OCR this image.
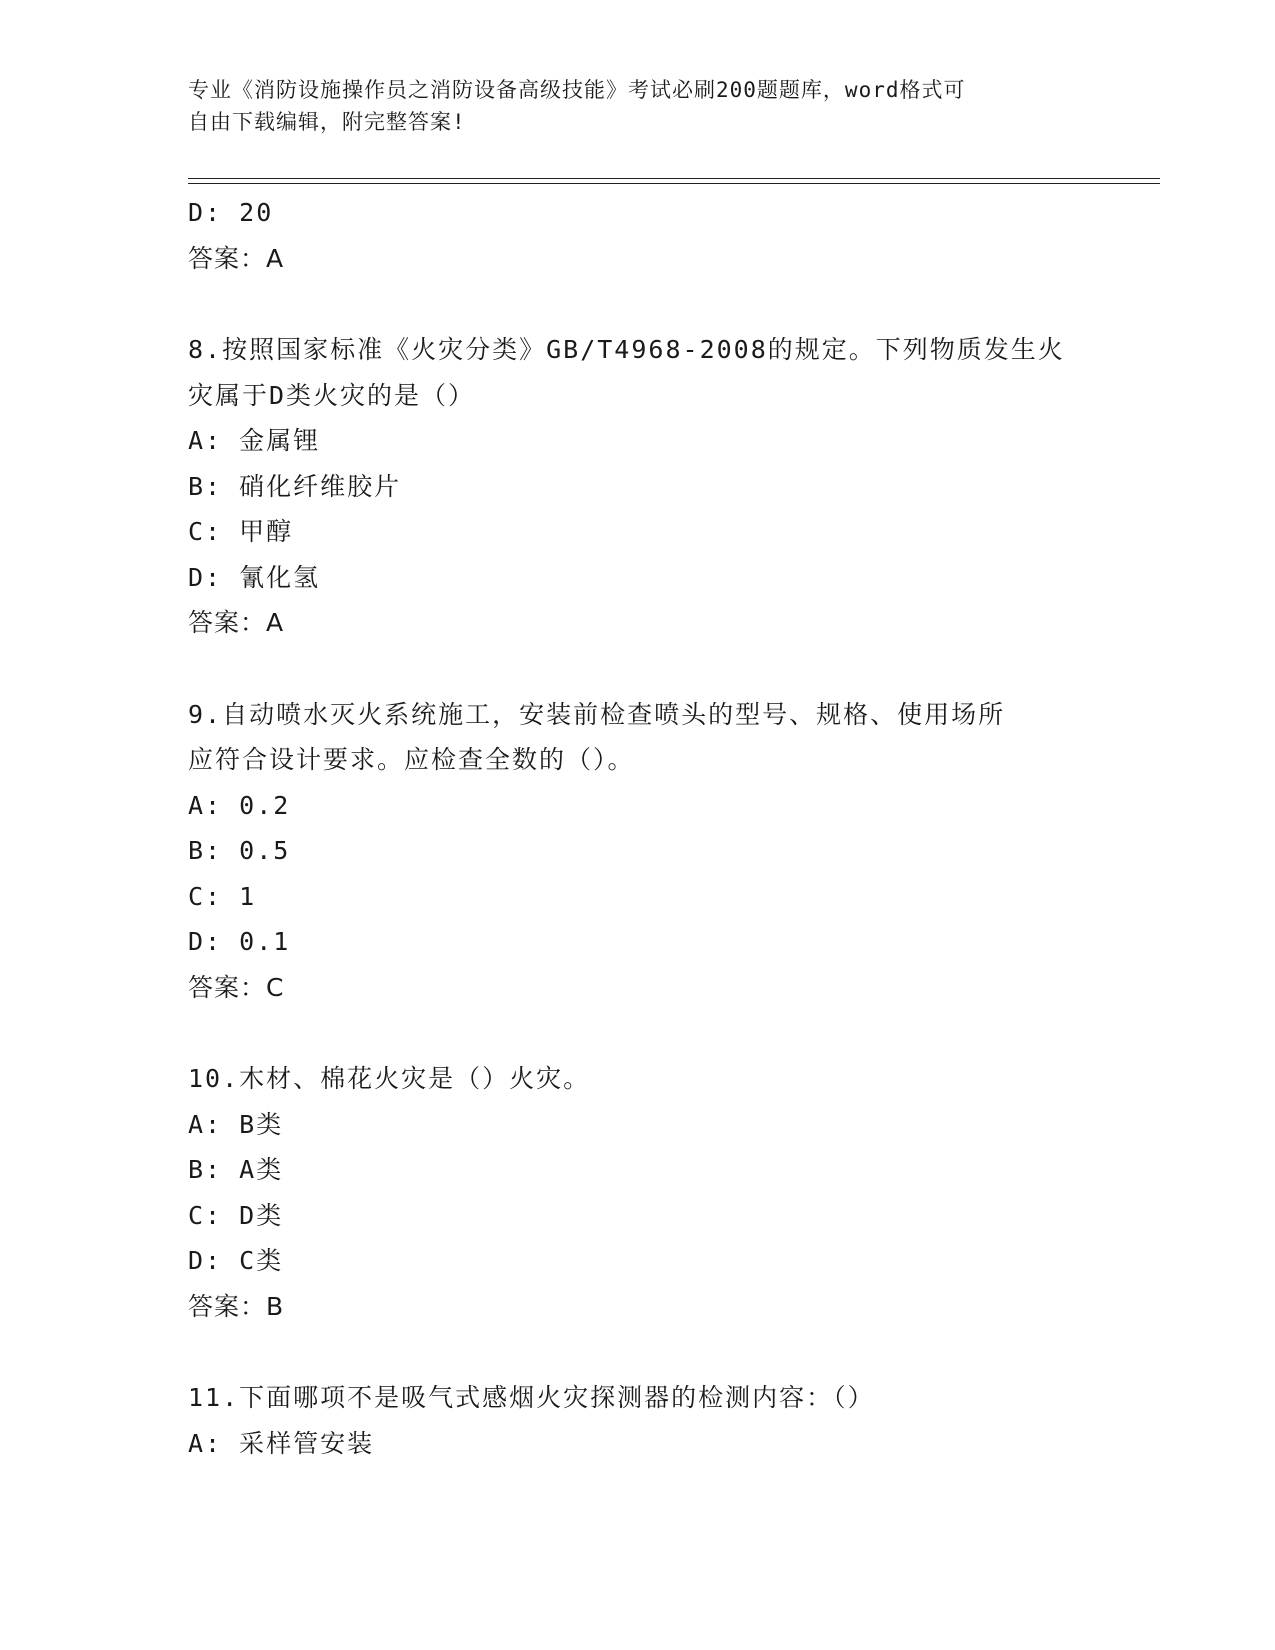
专业《消防设施操作员之消防设备高级技能》考试必刷200题题库，word格式可
自由下载编辑，附完整答案!
D: 20
答案：A
8.按照国家标准《火灾分类》GB/T4968-2008的规定。下列物质发生火
灾属于D类火灾的是（）
A: 金属锂
B: 硝化纤维胶片
C: 甲醇
D: 氰化氢
答案：A
9.自动喷水灭火系统施工，安装前检查喷头的型号、规格、使用场所
应符合设计要求。应检查全数的（）。
A: 0.2
B: 0.5
C: 1
D: 0.1
答案：C
10.木材、棉花火灾是（）火灾。
A: B类
B: A类
C: D类
D: C类
答案：B
11.下面哪项不是吸气式感烟火灾探测器的检测内容：（）
A: 采样管安装
